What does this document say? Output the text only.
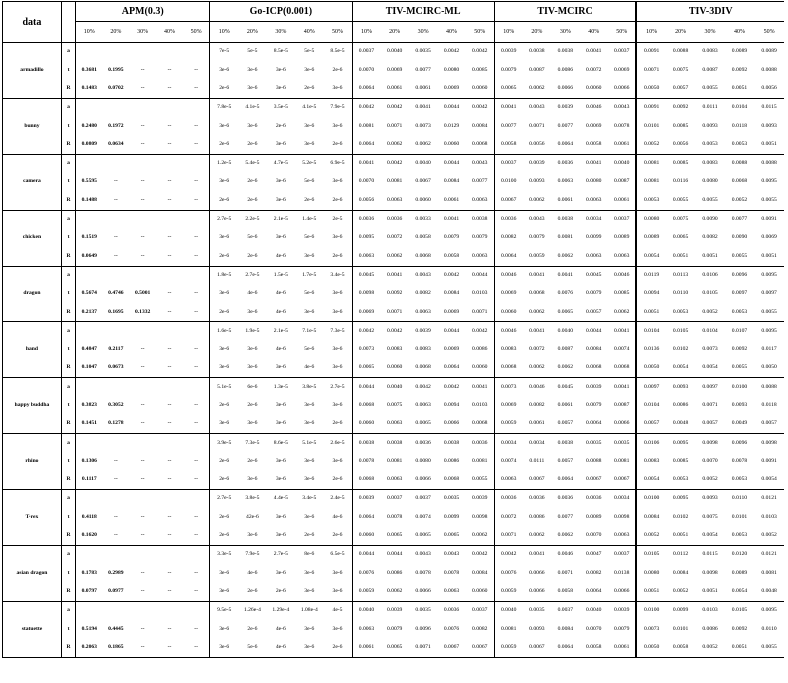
data		APM(0.3)					Go-ICP(0.001)					TIV-MCIRC-ML					TIV-MCIRC					TIV-3DIV				
		10%	20%	30%	40%	50%	10%	20%	30%	40%	50%	10%	20%	30%	40%	50%	10%	20%	30%	40%	50%	10%	20%	30%	40%	50%
armadillo	a						7e-5	5e-5	8.5e-5	5e-5	8.5e-5	0.0037	0.0040	0.0035	0.0042	0.0042	0.0039	0.0038	0.0038	0.0041	0.0037	0.0091	0.0088	0.0083	0.0089	0.0089
	t	0.3681	0.1995	--	--	--	3e-6	3e-6	3e-6	3e-6	2e-6	0.0070	0.0069	0.0077	0.0080	0.0085	0.0079	0.0087	0.0086	0.0072	0.0069	0.0071	0.0075	0.0087	0.0092	0.0088
	R	0.1483	0.0702	--	--	--	2e-6	3e-6	3e-6	2e-6	3e-6	0.0064	0.0061	0.0061	0.0069	0.0060	0.0065	0.0062	0.0066	0.0060	0.0066	0.0050	0.0057	0.0055	0.0051	0.0056
bunny	a						7.8e-5	4.1e-5	3.5e-5	4.1e-5	7.9e-5	0.0042	0.0042	0.0041	0.0044	0.0042	0.0041	0.0043	0.0039	0.0046	0.0043	0.0091	0.0092	0.0111	0.0104	0.0115
	t	0.2480	0.1972	--	--	--	3e-6	3e-6	2e-6	3e-6	3e-6	0.0081	0.0071	0.0073	0.0129	0.0084	0.0077	0.0071	0.0077	0.0069	0.0078	0.0101	0.0085	0.0093	0.0118	0.0093
	R	0.0809	0.0634	--	--	--	2e-6	2e-6	3e-6	3e-6	2e-6	0.0064	0.0062	0.0062	0.0060	0.0068	0.0058	0.0056	0.0064	0.0058	0.0061	0.0052	0.0056	0.0053	0.0053	0.0051
camera	a						1.2e-5	5.4e-5	4.7e-5	5.2e-5	6.9e-5	0.0041	0.0042	0.0040	0.0044	0.0043	0.0037	0.0039	0.0036	0.0041	0.0040	0.0081	0.0085	0.0083	0.0088	0.0088
	t	0.5595	--	--	--	--	3e-6	2e-6	3e-6	5e-6	3e-6	0.0070	0.0081	0.0067	0.0084	0.0077	0.0100	0.0093	0.0063	0.0080	0.0087	0.0081	0.0116	0.0080	0.0068	0.0095
	R	0.1488	--	--	--	--	2e-6	2e-6	3e-6	2e-6	2e-6	0.0056	0.0063	0.0060	0.0061	0.0063	0.0067	0.0062	0.0061	0.0063	0.0061	0.0053	0.0055	0.0055	0.0052	0.0055
chicken	a						2.7e-5	2.2e-5	2.1e-5	1.4e-5	2e-5	0.0036	0.0036	0.0033	0.0041	0.0038	0.0036	0.0043	0.0038	0.0034	0.0037	0.0080	0.0075	0.0090	0.0077	0.0091
	t	0.1519	--	--	--	--	3e-6	5e-6	3e-6	5e-6	3e-6	0.0095	0.0072	0.0058	0.0079	0.0079	0.0082	0.0079	0.0081	0.0099	0.0089	0.0089	0.0065	0.0082	0.0090	0.0069
	R	0.0649	--	--	--	--	2e-6	2e-6	4e-6	3e-6	2e-6	0.0063	0.0062	0.0068	0.0058	0.0063	0.0064	0.0059	0.0062	0.0063	0.0063	0.0054	0.0051	0.0051	0.0055	0.0051
dragon	a						1.8e-5	2.7e-5	1.5e-5	1.7e-5	3.4e-5	0.0045	0.0041	0.0043	0.0042	0.0044	0.0046	0.0041	0.0041	0.0045	0.0046	0.0119	0.0113	0.0106	0.0096	0.0095
	t	0.5674	0.4746	0.5001	--	--	3e-6	4e-6	4e-6	5e-6	3e-6	0.0098	0.0092	0.0082	0.0084	0.0103	0.0069	0.0068	0.0076	0.0079	0.0085	0.0094	0.0110	0.0105	0.0097	0.0097
	R	0.2137	0.1695	0.1332	--	--	2e-6	3e-6	4e-6	3e-6	3e-6	0.0069	0.0071	0.0063	0.0069	0.0071	0.0060	0.0062	0.0065	0.0057	0.0062	0.0051	0.0053	0.0052	0.0053	0.0055
hand	a						1.6e-5	1.9e-5	2.1e-5	7.1e-5	7.3e-5	0.0042	0.0042	0.0039	0.0044	0.0042	0.0046	0.0041	0.0040	0.0044	0.0041	0.0104	0.0105	0.0104	0.0107	0.0095
	t	0.4847	0.2117	--	--	--	3e-6	3e-6	4e-6	5e-6	3e-6	0.0073	0.0083	0.0083	0.0069	0.0086	0.0083	0.0072	0.0087	0.0084	0.0074	0.0136	0.0102	0.0073	0.0092	0.0117
	R	0.1047	0.0673	--	--	--	3e-6	3e-6	3e-6	4e-6	3e-6	0.0065	0.0060	0.0068	0.0064	0.0060	0.0068	0.0062	0.0062	0.0068	0.0068	0.0050	0.0054	0.0054	0.0055	0.0050
happy buddha	a						5.1e-5	6e-6	1.3e-5	3.8e-5	2.7e-5	0.0044	0.0040	0.0042	0.0042	0.0041	0.0073	0.0046	0.0045	0.0039	0.0041	0.0097	0.0093	0.0097	0.0100	0.0088
	t	0.3823	0.3052	--	--	--	2e-6	2e-6	3e-6	3e-6	3e-6	0.0068	0.0075	0.0063	0.0094	0.0103	0.0069	0.0082	0.0061	0.0079	0.0087	0.0104	0.0086	0.0071	0.0093	0.0118
	R	0.1451	0.1278	--	--	--	3e-6	3e-6	3e-6	3e-6	2e-6	0.0060	0.0063	0.0065	0.0066	0.0068	0.0059	0.0061	0.0057	0.0064	0.0066	0.0057	0.0048	0.0057	0.0049	0.0057
rhino	a						3.9e-5	7.3e-5	8.6e-5	5.1e-5	2.6e-5	0.0038	0.0038	0.0036	0.0038	0.0036	0.0034	0.0034	0.0038	0.0035	0.0035	0.0106	0.0095	0.0098	0.0096	0.0098
	t	0.1306	--	--	--	--	2e-6	2e-6	3e-6	3e-6	3e-6	0.0078	0.0081	0.0080	0.0086	0.0081	0.0074	0.0111	0.0057	0.0088	0.0081	0.0083	0.0085	0.0070	0.0078	0.0091
	R	0.1117	--	--	--	--	2e-6	3e-6	3e-6	3e-6	2e-6	0.0068	0.0063	0.0066	0.0068	0.0055	0.0063	0.0067	0.0064	0.0067	0.0067	0.0054	0.0053	0.0052	0.0053	0.0054
T-rex	a						2.7e-5	3.8e-5	4.4e-5	3.4e-5	2.4e-5	0.0039	0.0037	0.0037	0.0035	0.0039	0.0036	0.0036	0.0036	0.0036	0.0034	0.0100	0.0095	0.0093	0.0110	0.0121
	t	0.4118	--	--	--	--	2e-6	42e-6	3e-6	3e-6	4e-6	0.0064	0.0078	0.0074	0.0099	0.0098	0.0072	0.0086	0.0077	0.0089	0.0098	0.0084	0.0102	0.0075	0.0101	0.0103
	R	0.1620	--	--	--	--	2e-6	3e-6	3e-6	2e-6	2e-6	0.0060	0.0065	0.0065	0.0065	0.0062	0.0071	0.0062	0.0062	0.0070	0.0063	0.0052	0.0051	0.0054	0.0053	0.0052
asian dragon	a						3.3e-5	7.9e-5	2.7e-5	8e-6	6.5e-5	0.0044	0.0044	0.0043	0.0043	0.0042	0.0042	0.0041	0.0046	0.0047	0.0037	0.0105	0.0112	0.0115	0.0120	0.0121
	t	0.1783	0.2989	--	--	--	3e-6	4e-6	3e-6	3e-6	3e-6	0.0076	0.0086	0.0078	0.0078	0.0084	0.0076	0.0066	0.0071	0.0082	0.0138	0.0080	0.0084	0.0098	0.0089	0.0081
	R	0.0797	0.0977	--	--	--	3e-6	2e-6	2e-6	3e-6	3e-6	0.0059	0.0062	0.0066	0.0063	0.0060	0.0059	0.0066	0.0058	0.0064	0.0066	0.0051	0.0052	0.0051	0.0054	0.0048
statuette	a						9.5e-5	1.26e-4	1.29e-4	1.08e-4	4e-5	0.0040	0.0039	0.0035	0.0036	0.0037	0.0040	0.0035	0.0037	0.0040	0.0039	0.0100	0.0099	0.0103	0.0105	0.0095
	t	0.5194	0.4445	--	--	--	3e-6	2e-6	4e-6	3e-6	3e-6	0.0063	0.0079	0.0096	0.0076	0.0082	0.0081	0.0093	0.0084	0.0070	0.0079	0.0073	0.0101	0.0086	0.0092	0.0110
	R	0.2063	0.1865	--	--	--	3e-6	5e-6	4e-6	3e-6	2e-6	0.0061	0.0065	0.0071	0.0067	0.0067	0.0059	0.0067	0.0064	0.0058	0.0061	0.0050	0.0058	0.0052	0.0051	0.0055
